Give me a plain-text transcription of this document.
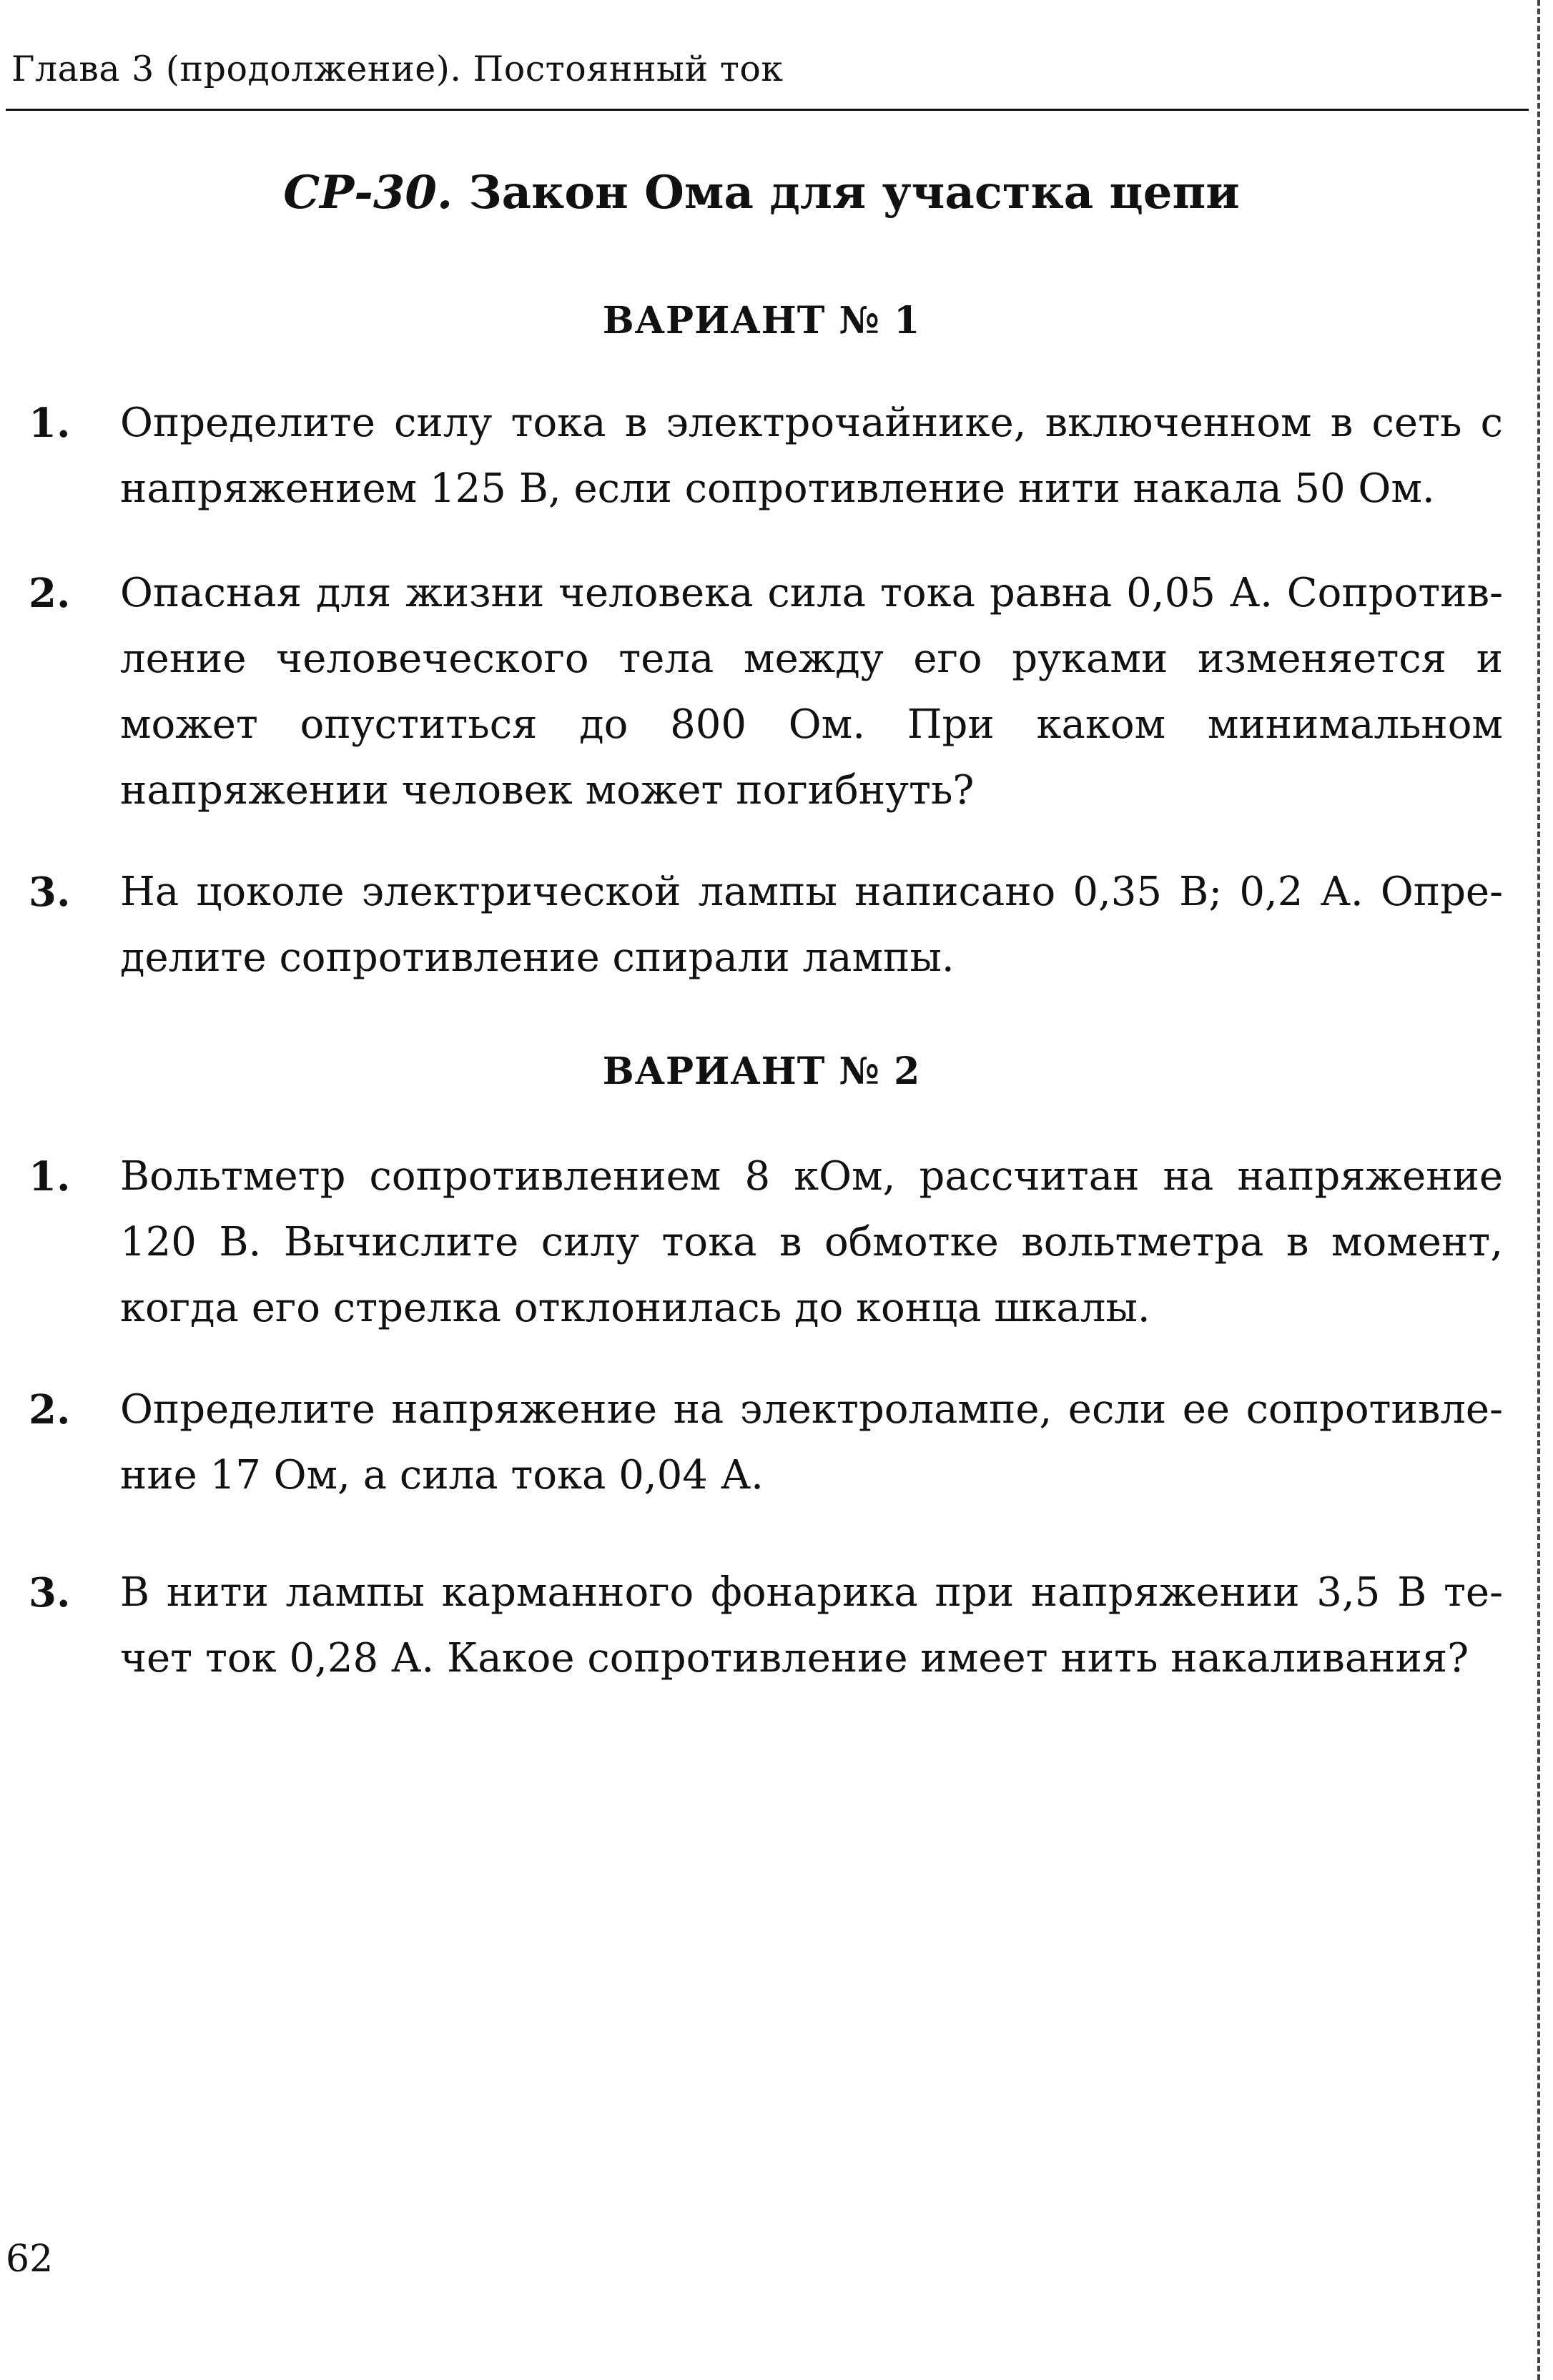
Глава 3 (продолжение). Постоянный ток
СР-30. Закон Ома для участка цепи
ВАРИАНТ № 1
1. Определите силу тока в электрочайнике, включенном в сеть с напряжением 125 В, если сопротивление нити накала 50 Ом.
2. Опасная для жизни человека сила тока равна 0,05 А. Сопротивление человеческого тела между его руками изменяется и может опуститься до 800 Ом. При каком минимальном напряжении человек может погибнуть?
3. На цоколе электрической лампы написано 0,35 В; 0,2 А. Определите сопротивление спирали лампы.
ВАРИАНТ № 2
1. Вольтметр сопротивлением 8 кОм, рассчитан на напряжение 120 В. Вычислите силу тока в обмотке вольтметра в момент, когда его стрелка отклонилась до конца шкалы.
2. Определите напряжение на электролампе, если ее сопротивление 17 Ом, а сила тока 0,04 А.
3. В нити лампы карманного фонарика при напряжении 3,5 В течет ток 0,28 А. Какое сопротивление имеет нить накаливания?
62
